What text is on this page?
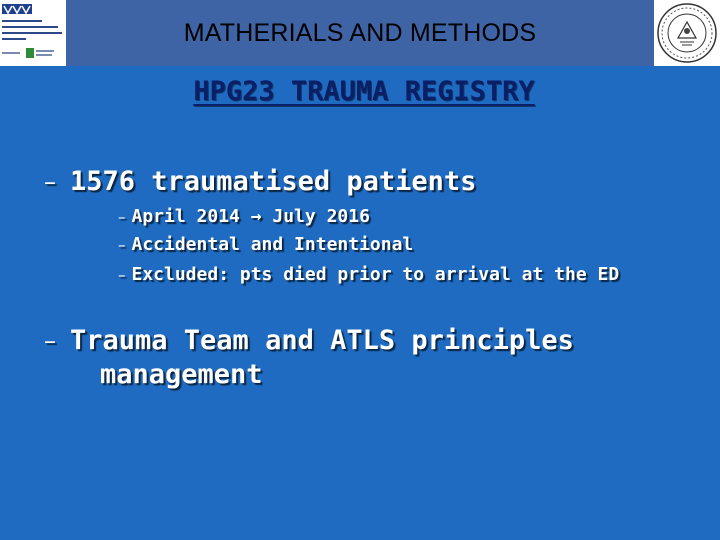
MATHERIALS AND METHODS
HPG23 TRAUMA REGISTRY
– 1576 traumatised patients
– April 2014 → July 2016
– Accidental and Intentional
– Excluded: pts died prior to arrival at the ED
– Trauma Team and ATLS principles
management
